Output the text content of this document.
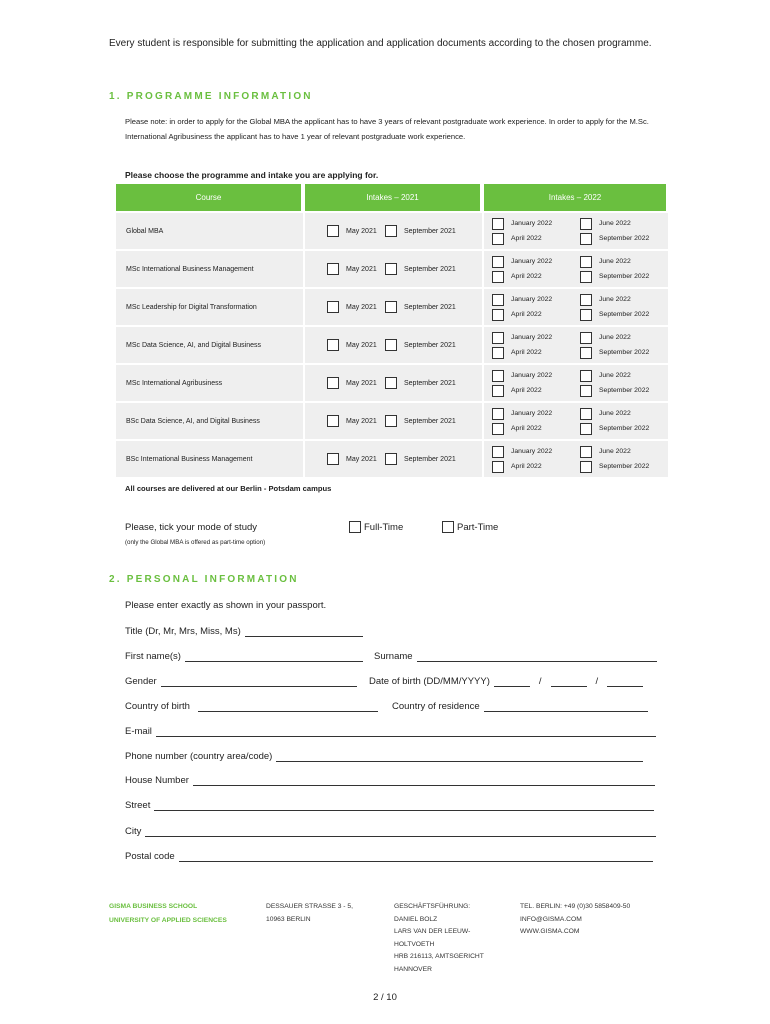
Every student is responsible for submitting the application and application documents according to the chosen programme.
1. PROGRAMME INFORMATION
Please note: in order to apply for the Global MBA the applicant has to have 3 years of relevant postgraduate work experience. In order to apply for the M.Sc. International Agribusiness the applicant has to have 1 year of relevant postgraduate work experience.
Please choose the programme and intake you are applying for.
Course	Intakes – 2021	Intakes – 2022
Global MBA	May 2021 September 2021	January 2022 June 2022
April 2022 September 2022

MSc International Business Management	May 2021 September 2021	January 2022 June 2022
April 2022 September 2022

MSc Leadership for Digital Transformation	May 2021 September 2021	January 2022 June 2022
April 2022 September 2022

MSc Data Science, AI, and Digital Business	May 2021 September 2021	January 2022 June 2022
April 2022 September 2022

MSc International Agribusiness	May 2021 September 2021	January 2022 June 2022
April 2022 September 2022

BSc Data Science, AI, and Digital Business	May 2021 September 2021	January 2022 June 2022
April 2022 September 2022

BSc International Business Management	May 2021 September 2021	January 2022 June 2022
April 2022 September 2022
All courses are delivered at our Berlin - Potsdam campus
Please, tick your mode of study
(only the Global MBA is offered as part-time option)
Full-Time	Part-Time
2. PERSONAL INFORMATION
Please enter exactly as shown in your passport.
Title (Dr, Mr, Mrs, Miss, Ms)
First name(s)	Surname
Gender	Date of birth (DD/MM/YYYY)	/	/
Country of birth	Country of residence
E-mail
Phone number (country area/code)
House Number
Street
City
Postal code
GISMA BUSINESS SCHOOL
UNIVERSITY OF APPLIED SCIENCES
DESSAUER STRASSE 3 - 5,
10963 BERLIN
GESCHÄFTSFÜHRUNG:
DANIEL BOLZ
LARS VAN DER LEEUW-
HOLTVOETH
HRB 216113, AMTSGERICHT
HANNOVER
TEL. BERLIN: +49 (0)30 5858409-50
INFO@GISMA.COM
WWW.GISMA.COM
2 / 10
